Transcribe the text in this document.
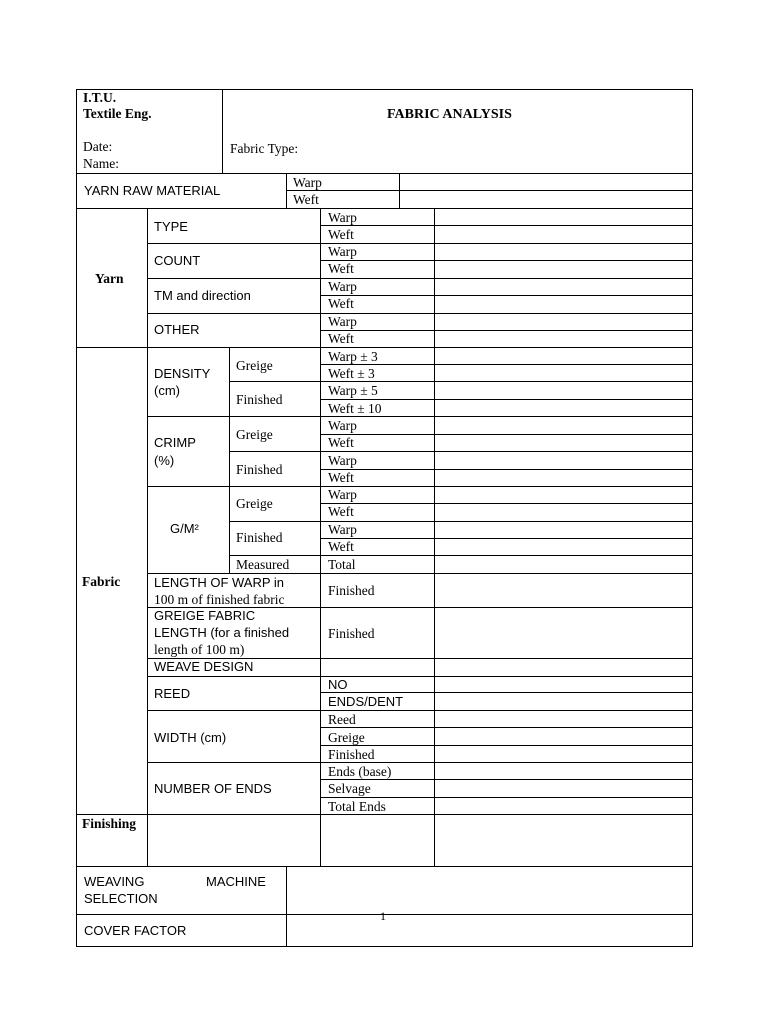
I.T.U.
Textile Eng.
Date:
Name:
FABRIC ANALYSIS
Fabric Type:
YARN RAW MATERIAL
Warp
Weft
Yarn
TYPE
COUNT
TM and direction
OTHER
Warp
Weft
Warp
Weft
Warp
Weft
Warp
Weft
Fabric
DENSITY
(cm)
Greige
Finished
Warp ± 3
Weft ± 3
Warp ± 5
Weft ± 10
CRIMP
(%)
Greige
Finished
Warp
Weft
Warp
Weft
G/M²
Greige
Finished
Measured
Warp
Weft
Warp
Weft
Total
LENGTH OF WARP in
100 m of finished fabric
Finished
GREIGE FABRIC
LENGTH (for a finished
length of 100 m)
Finished
WEAVE DESIGN
REED
NO
ENDS/DENT
WIDTH (cm)
Reed
Greige
Finished
NUMBER OF ENDS
Ends (base)
Selvage
Total Ends
Finishing
WEAVING	MACHINE
SELECTION
1
COVER FACTOR
